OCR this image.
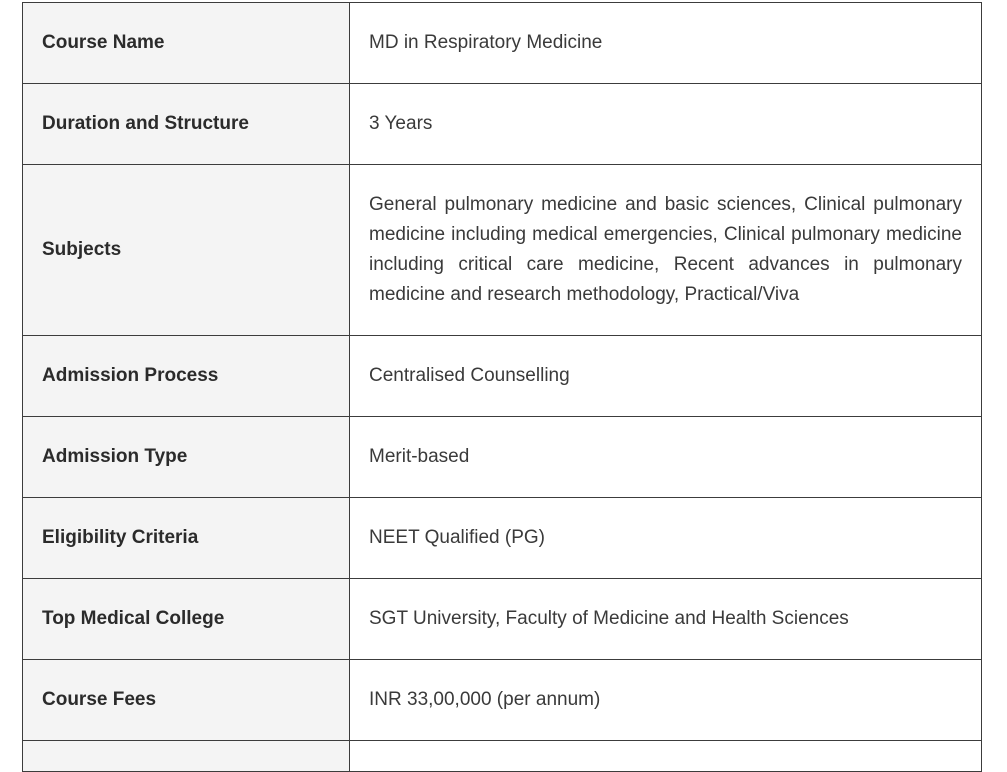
Course Name	MD in Respiratory Medicine
Duration and Structure	3 Years
Subjects	General pulmonary medicine and basic sciences, Clinical pulmonary medicine including medical emergencies, Clinical pulmonary medicine including critical care medicine, Recent advances in pulmonary medicine and research methodology, Practical/Viva
Admission Process	Centralised Counselling
Admission Type	Merit-based
Eligibility Criteria	NEET Qualified (PG)
Top Medical College	SGT University, Faculty of Medicine and Health Sciences
Course Fees	INR 33,00,000 (per annum)
